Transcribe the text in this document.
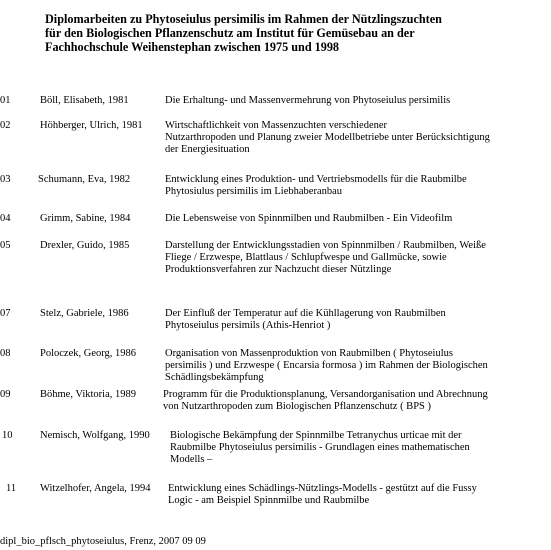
Diplomarbeiten zu Phytoseiulus persimilis im Rahmen der Nützlingszuchten
für den Biologischen Pflanzenschutz am Institut für Gemüsebau an der
Fachhochschule Weihenstephan zwischen 1975 und 1998
01	Böll, Elisabeth, 1981	Die Erhaltung- und Massenvermehrung von Phytoseiulus persimilis
02	Höhberger, Ulrich, 1981 Wirtschaftlichkeit von Massenzuchten verschiedener
Nutzarthropoden und Planung zweier Modellbetriebe unter Berücksichtigung
der Energiesituation
03	Schumann, Eva, 1982	Entwicklung eines Produktion- und Vertriebsmodells für die Raubmilbe
Phytosiulus persimilis im Liebhaberanbau
04	Grimm, Sabine, 1984	Die Lebensweise von Spinnmilben und Raubmilben - Ein Videofilm
05	Drexler, Guido, 1985	Darstellung der Entwicklungsstadien von Spinnmilben / Raubmilben, Weiße
Fliege / Erzwespe, Blattlaus / Schlupfwespe und Gallmücke, sowie
Produktionsverfahren zur Nachzucht dieser Nützlinge
07	Stelz, Gabriele, 1986	Der Einfluß der Temperatur auf die Kühllagerung von Raubmilben
Phytoseiulus persimils (Athis-Henriot )
08	Poloczek, Georg, 1986	Organisation von Massenproduktion von Raubmilben ( Phytoseiulus
persimilis ) und Erzwespe ( Encarsia formosa ) im Rahmen der Biologischen
Schädlingsbekämpfung
09	Böhme, Viktoria, 1989	Programm für die Produktionsplanung, Versandorganisation und Abrechnung
von Nutzarthropoden zum Biologischen Pflanzenschutz ( BPS )
10	Nemisch, Wolfgang, 1990 Biologische Bekämpfung der Spinnmilbe Tetranychus urticae mit der
Raubmilbe Phytoseiulus persimilis - Grundlagen eines mathematischen
Modells –
11	Witzelhofer, Angela, 1994 Entwicklung eines Schädlings-Nützlings-Modells - gestützt auf die Fussy
Logic - am Beispiel Spinnmilbe und Raubmilbe
dipl_bio_pflsch_phytoseiulus, Frenz, 2007 09 09
